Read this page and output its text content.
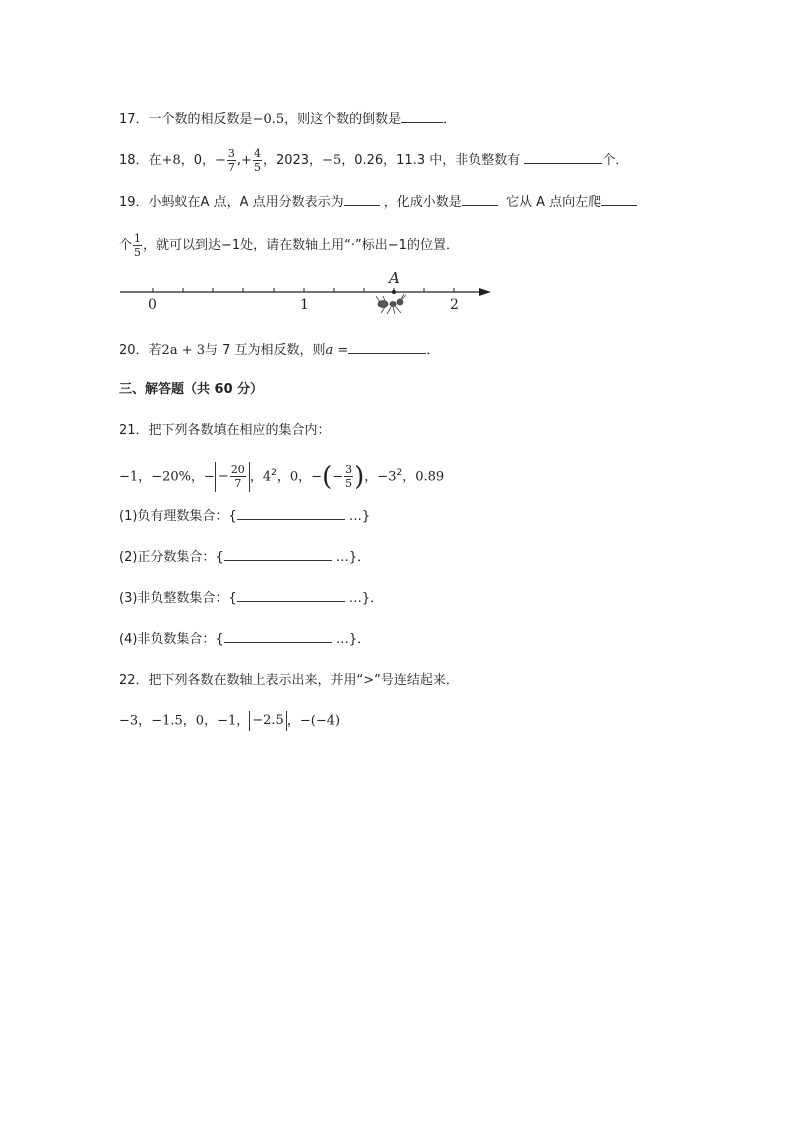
17．一个数的相反数是−0.5，则这个数的倒数是	．
18．在+8，0，− $\frac{3}{7}$ ,+ $\frac{4}{5}$ ，2023，−5，0.26，11.3 中，非负整数有	个．
19．小蚂蚁在A 点，A 点用分数表示为	，化成小数是	它从 A 点向左爬
个 $\frac{1}{5}$ ，就可以到达−1处，请在数轴上用“·”标出−1的位置．
A
0	1	2
20．若2a + 3与 7 互为相反数，则a =	．
三、解答题（共 60 分）
21．把下列各数填在相应的集合内：
−1，−20%，− − $\frac{20}{7}$ ，$4^2$，0，−(− $\frac{3}{5}$ )，$-3^2$，0.89
(1)负有理数集合：{	…}
(2)正分数集合：{	…}．
(3)非负整数集合：{	…}．
(4)非负数集合：{	…}．
22．把下列各数在数轴上表示出来，并用“>”号连结起来．
−3，−1.5，0，−1， −2.5 ，−(−4)
